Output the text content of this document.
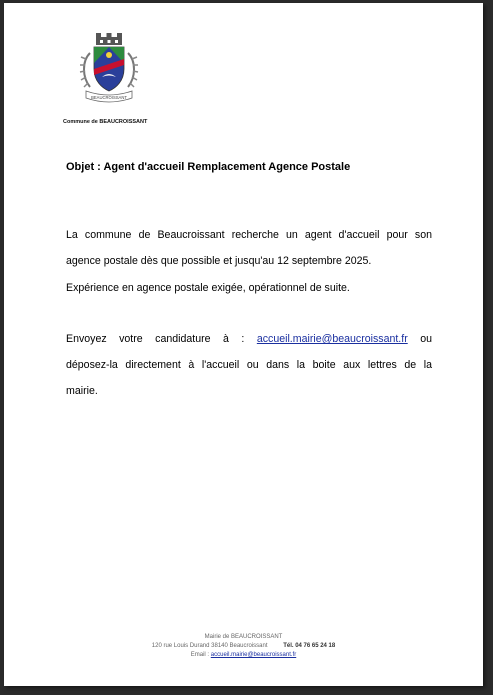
BEAUCROISSANT
Commune de BEAUCROISSANT
Objet : Agent d'accueil Remplacement Agence Postale
La commune de Beaucroissant recherche un agent d'accueil pour son
agence postale dès que possible et jusqu'au 12 septembre 2025.
Expérience en agence postale exigée, opérationnel de suite.
Envoyez votre candidature à : accueil.mairie@beaucroissant.fr ou
déposez-la directement à l'accueil ou dans la boite aux lettres de la
mairie.
Mairie de BEAUCROISSANT
120 rue Louis Durand 38140 Beaucroissant	Tél. 04 76 65 24 18
Email : accueil.mairie@beaucroissant.fr
